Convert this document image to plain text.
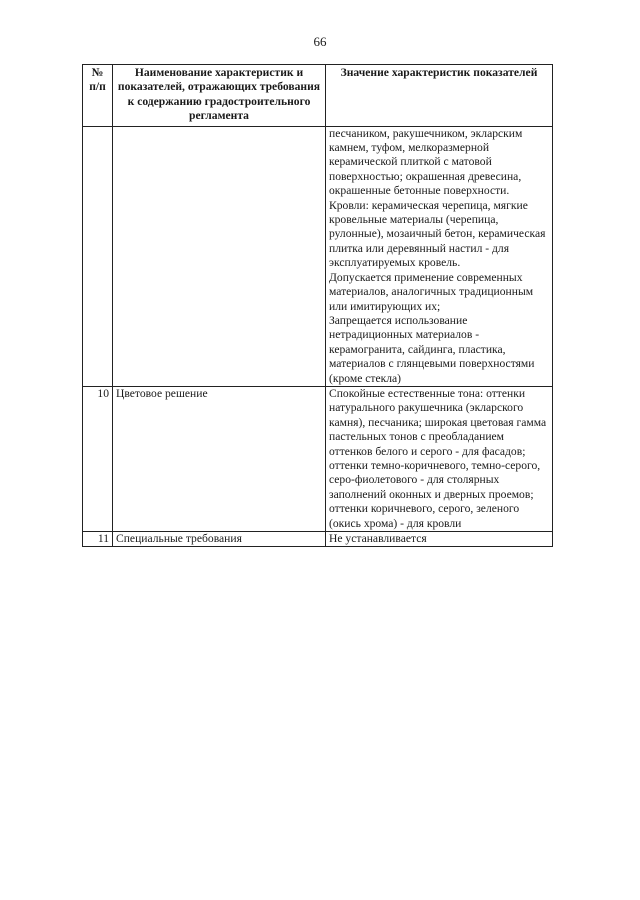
66
№
п/п	Наименование характеристик и показателей, отражающих требования к содержанию градостроительного регламента	Значение характеристик показателей

		песчаником, ракушечником, экларским камнем, туфом, мелкоразмерной керамической плиткой с матовой поверхностью; окрашенная древесина, окрашенные бетонные поверхности.

Кровли: керамическая черепица, мягкие кровельные материалы (черепица, рулонные), мозаичный бетон, керамическая плитка или деревянный настил - для эксплуатируемых кровель.

Допускается применение современных материалов, аналогичных традиционным или имитирующих их;

Запрещается использование нетрадиционных материалов - керамогранита, сайдинга, пластика, материалов с глянцевыми поверхностями (кроме стекла)

10	Цветовое решение	Спокойные естественные тона: оттенки натурального ракушечника (экларского камня), песчаника; широкая цветовая гамма пастельных тонов с преобладанием оттенков белого и серого - для фасадов; оттенки темно-коричневого, темно-серого, серо-фиолетового - для столярных заполнений оконных и дверных проемов; оттенки коричневого, серого, зеленого (окись хрома) - для кровли

11	Специальные требования	Не устанавливается
